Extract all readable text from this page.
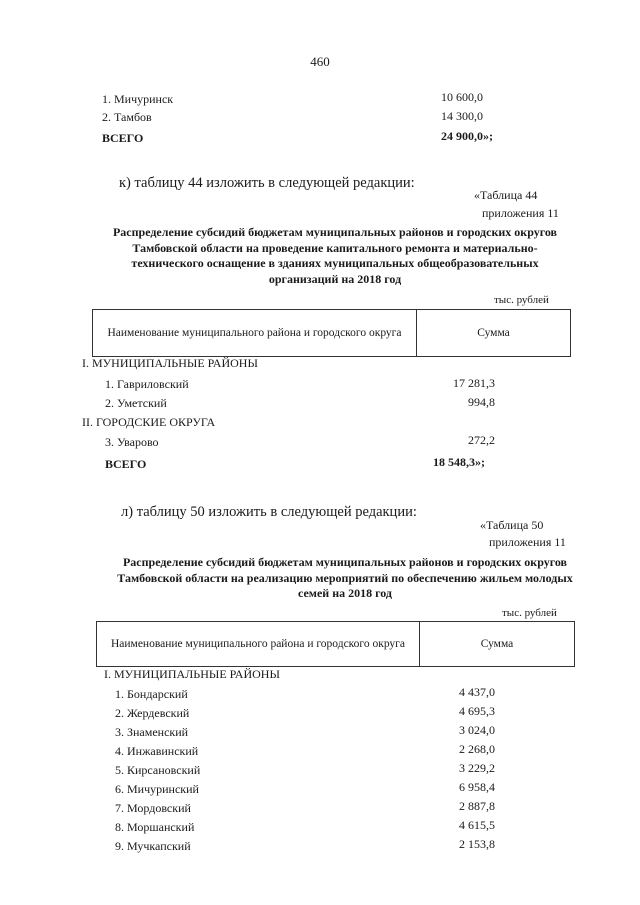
460
1. Мичуринск	10 600,0
2. Тамбов	14 300,0
ВСЕГО	24 900,0»;
к) таблицу 44 изложить в следующей редакции:
«Таблица 44
приложения 11
Распределение субсидий бюджетам муниципальных районов и городских округов Тамбовской области на проведение капитального ремонта и материально-технического оснащение в зданиях муниципальных общеобразовательных организаций на 2018 год
тыс. рублей
Наименование муниципального района и городского округа	Сумма
I. МУНИЦИПАЛЬНЫЕ РАЙОНЫ
1. Гавриловский	17 281,3
2. Уметский	994,8
II. ГОРОДСКИЕ ОКРУГА
3. Уварово	272,2
ВСЕГО	18 548,3»;
л) таблицу 50 изложить в следующей редакции:
«Таблица 50
приложения 11
Распределение субсидий бюджетам муниципальных районов и городских округов Тамбовской области на реализацию мероприятий по обеспечению жильем молодых семей на 2018 год
тыс. рублей
Наименование муниципального района и городского округа	Сумма
I. МУНИЦИПАЛЬНЫЕ РАЙОНЫ
1. Бондарский	4 437,0
2. Жердевский	4 695,3
3. Знаменский	3 024,0
4. Инжавинский	2 268,0
5. Кирсановский	3 229,2
6. Мичуринский	6 958,4
7. Мордовский	2 887,8
8. Моршанский	4 615,5
9. Мучкапский	2 153,8
